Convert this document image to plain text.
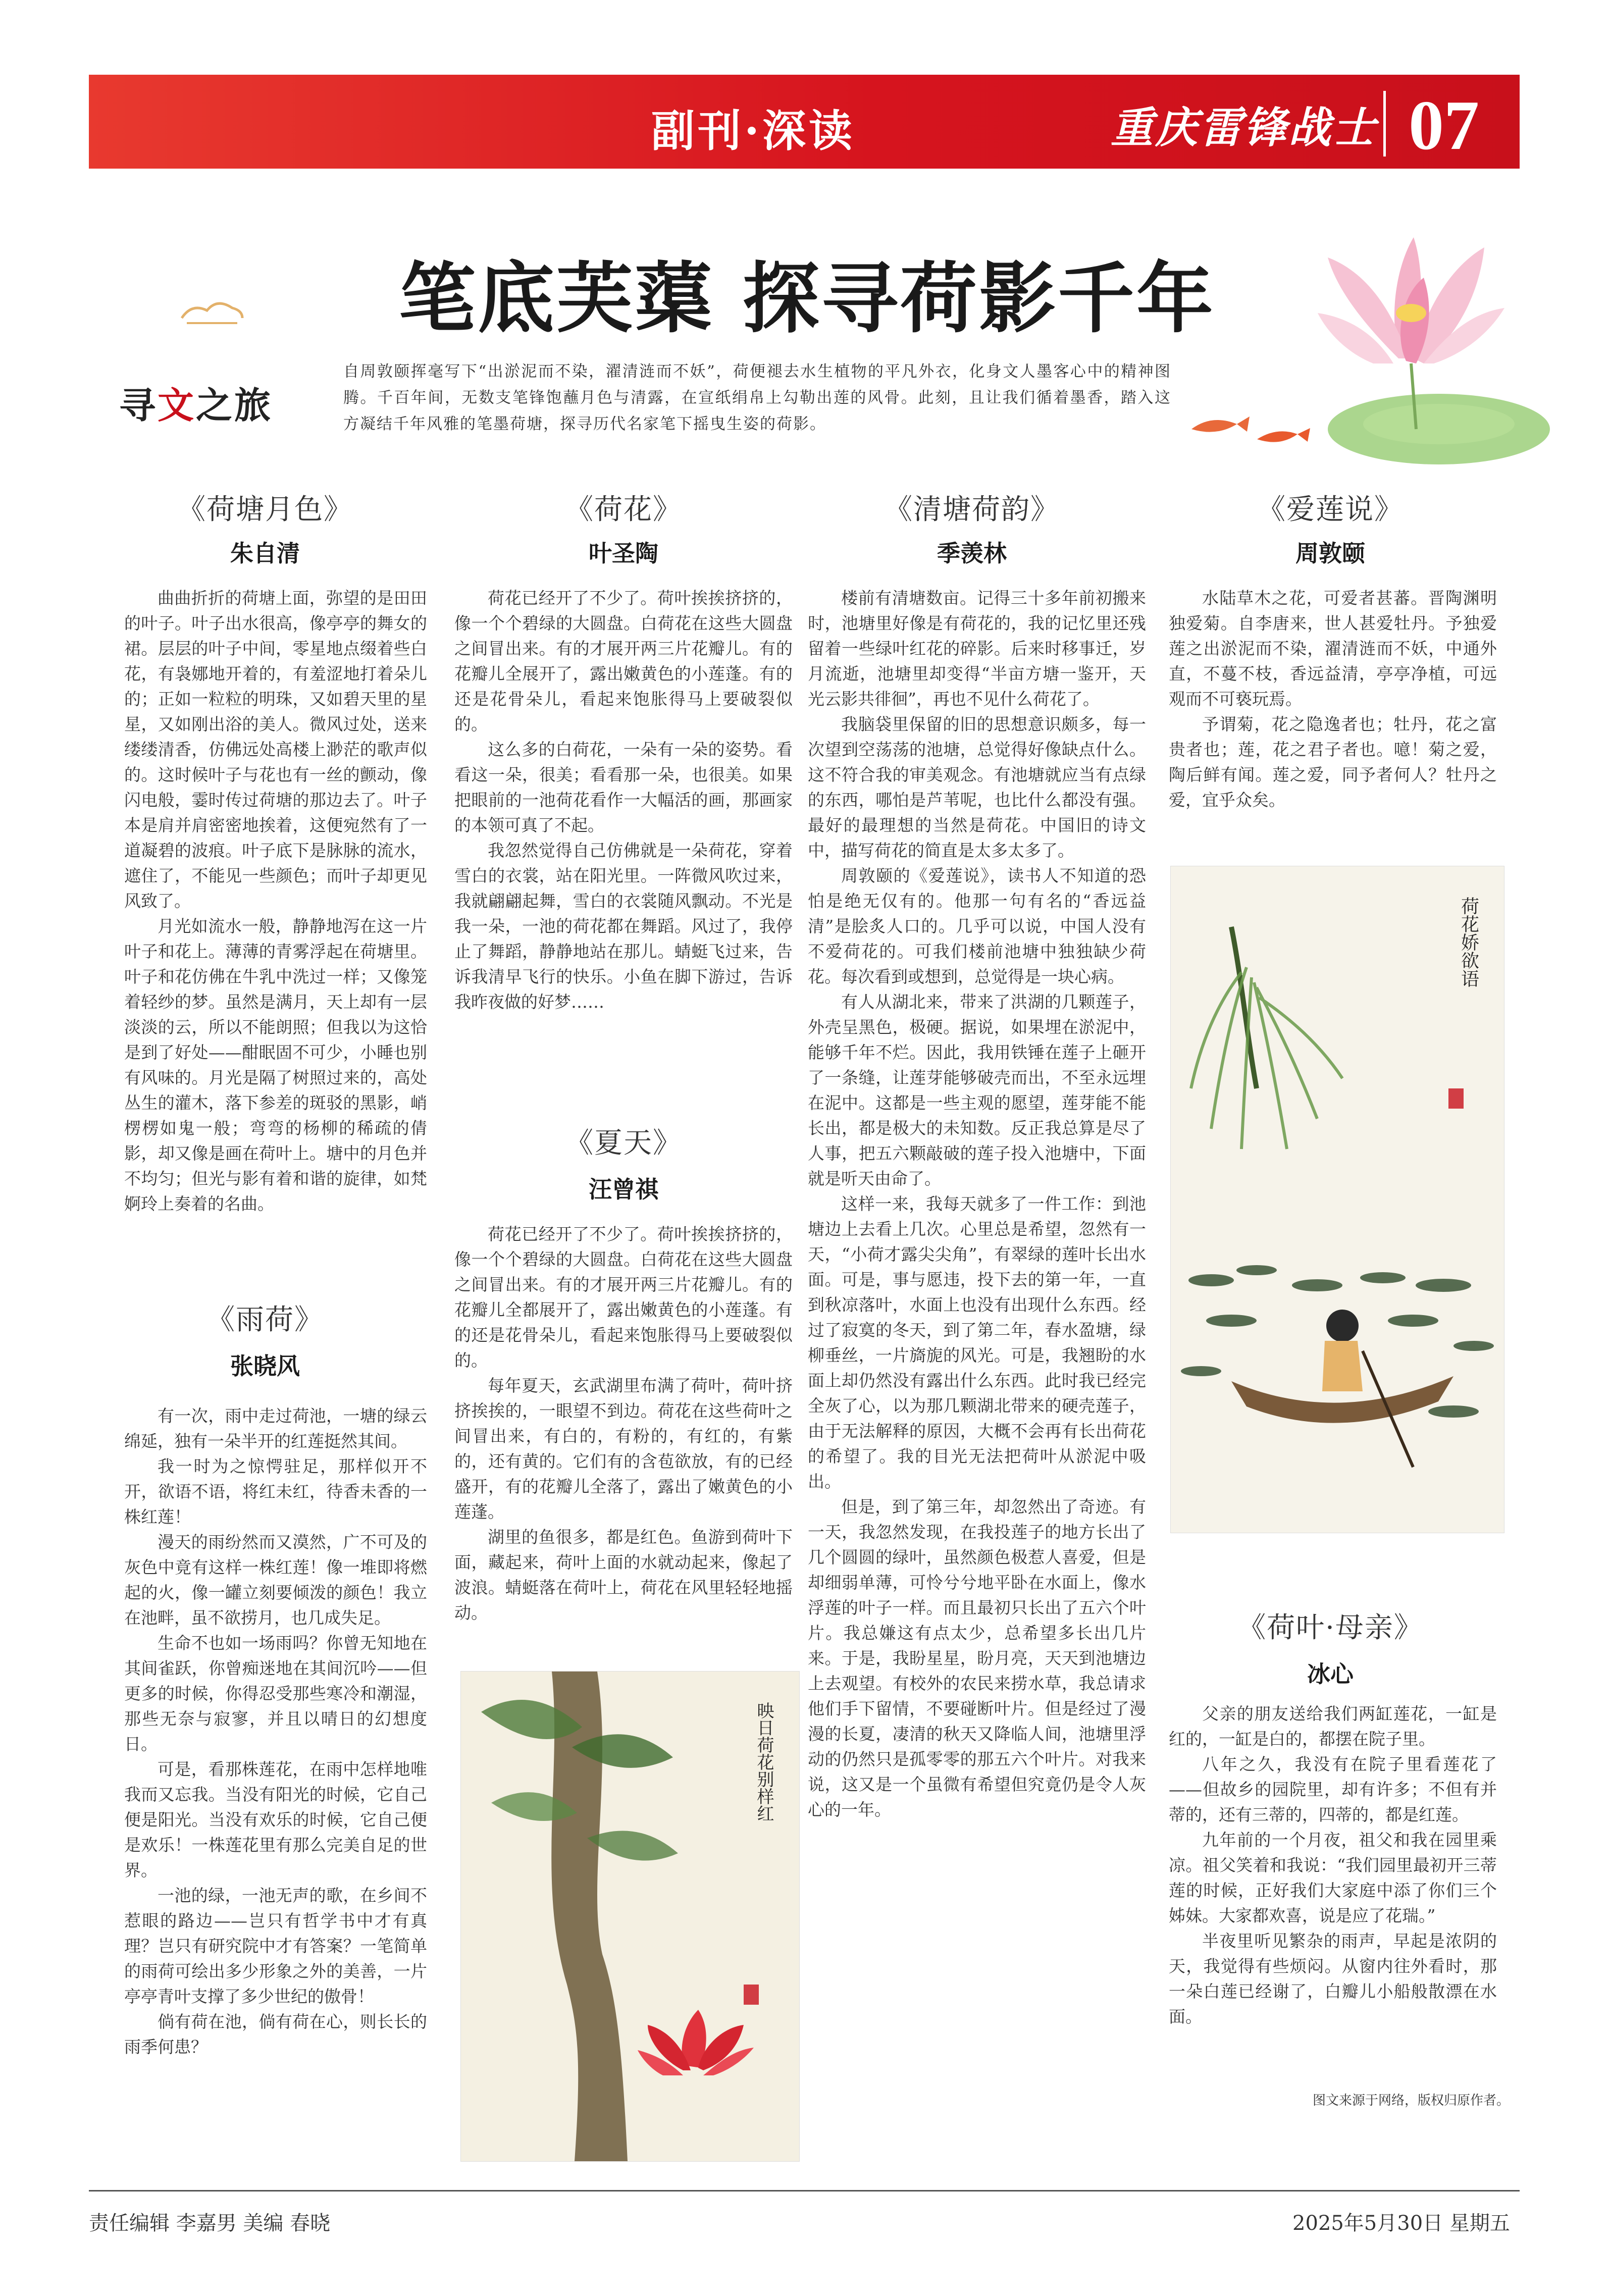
副刊·深读	重庆雷锋战士 07
笔底芙蕖 探寻荷影千年
寻文之旅
自周敦颐挥毫写下“出淤泥而不染，濯清涟而不妖”，荷便褪去水生植物的平凡外衣，化身文人墨客心中的精神图腾。千百年间，无数支笔锋饱蘸月色与清露，在宣纸绢帛上勾勒出莲的风骨。此刻，且让我们循着墨香，踏入这方凝结千年风雅的笔墨荷塘，探寻历代名家笔下摇曳生姿的荷影。
《荷塘月色》
朱自清

曲曲折折的荷塘上面，弥望的是田田的叶子。叶子出水很高，像亭亭的舞女的裙。层层的叶子中间，零星地点缀着些白花，有袅娜地开着的，有羞涩地打着朵儿的；正如一粒粒的明珠，又如碧天里的星星，又如刚出浴的美人。微风过处，送来缕缕清香，仿佛远处高楼上渺茫的歌声似的。这时候叶子与花也有一丝的颤动，像闪电般，霎时传过荷塘的那边去了。叶子本是肩并肩密密地挨着，这便宛然有了一道凝碧的波痕。叶子底下是脉脉的流水，遮住了，不能见一些颜色；而叶子却更见风致了。

月光如流水一般，静静地泻在这一片叶子和花上。薄薄的青雾浮起在荷塘里。叶子和花仿佛在牛乳中洗过一样；又像笼着轻纱的梦。虽然是满月，天上却有一层淡淡的云，所以不能朗照；但我以为这恰是到了好处——酣眠固不可少，小睡也别有风味的。月光是隔了树照过来的，高处丛生的灌木，落下参差的斑驳的黑影，峭楞楞如鬼一般；弯弯的杨柳的稀疏的倩影，却又像是画在荷叶上。塘中的月色并不均匀；但光与影有着和谐的旋律，如梵婀玲上奏着的名曲。

《雨荷》
张晓风

有一次，雨中走过荷池，一塘的绿云绵延，独有一朵半开的红莲挺然其间。

我一时为之惊愕驻足，那样似开不开，欲语不语，将红未红，待香未香的一株红莲！

漫天的雨纷然而又漠然，广不可及的灰色中竟有这样一株红莲！像一堆即将燃起的火，像一罐立刻要倾泼的颜色！我立在池畔，虽不欲捞月，也几成失足。

生命不也如一场雨吗？你曾无知地在其间雀跃，你曾痴迷地在其间沉吟——但更多的时候，你得忍受那些寒冷和潮湿，那些无奈与寂寥，并且以晴日的幻想度日。

可是，看那株莲花，在雨中怎样地唯我而又忘我。当没有阳光的时候，它自己便是阳光。当没有欢乐的时候，它自己便是欢乐！一株莲花里有那么完美自足的世界。

一池的绿，一池无声的歌，在乡间不惹眼的路边——岂只有哲学书中才有真理？岂只有研究院中才有答案？一笔简单的雨荷可绘出多少形象之外的美善，一片亭亭青叶支撑了多少世纪的傲骨！

倘有荷在池，倘有荷在心，则长长的雨季何患？

《荷花》
叶圣陶

荷花已经开了不少了。荷叶挨挨挤挤的，像一个个碧绿的大圆盘。白荷花在这些大圆盘之间冒出来。有的才展开两三片花瓣儿。有的花瓣儿全展开了，露出嫩黄色的小莲蓬。有的还是花骨朵儿，看起来饱胀得马上要破裂似的。

这么多的白荷花，一朵有一朵的姿势。看看这一朵，很美；看看那一朵，也很美。如果把眼前的一池荷花看作一大幅活的画，那画家的本领可真了不起。

我忽然觉得自己仿佛就是一朵荷花，穿着雪白的衣裳，站在阳光里。一阵微风吹过来，我就翩翩起舞，雪白的衣裳随风飘动。不光是我一朵，一池的荷花都在舞蹈。风过了，我停止了舞蹈，静静地站在那儿。蜻蜓飞过来，告诉我清早飞行的快乐。小鱼在脚下游过，告诉我昨夜做的好梦……

《夏天》
汪曾祺

荷花已经开了不少了。荷叶挨挨挤挤的，像一个个碧绿的大圆盘。白荷花在这些大圆盘之间冒出来。有的才展开两三片花瓣儿。有的花瓣儿全都展开了，露出嫩黄色的小莲蓬。有的还是花骨朵儿，看起来饱胀得马上要破裂似的。

每年夏天，玄武湖里布满了荷叶，荷叶挤挤挨挨的，一眼望不到边。荷花在这些荷叶之间冒出来，有白的，有粉的，有红的，有紫的，还有黄的。它们有的含苞欲放，有的已经盛开，有的花瓣儿全落了，露出了嫩黄色的小莲蓬。

湖里的鱼很多，都是红色。鱼游到荷叶下面，藏起来，荷叶上面的水就动起来，像起了波浪。蜻蜓落在荷叶上，荷花在风里轻轻地摇动。

映日荷花别样红
《清塘荷韵》
季羡林

楼前有清塘数亩。记得三十多年前初搬来时，池塘里好像是有荷花的，我的记忆里还残留着一些绿叶红花的碎影。后来时移事迁，岁月流逝，池塘里却变得“半亩方塘一鉴开，天光云影共徘徊”，再也不见什么荷花了。

我脑袋里保留的旧的思想意识颇多，每一次望到空荡荡的池塘，总觉得好像缺点什么。这不符合我的审美观念。有池塘就应当有点绿的东西，哪怕是芦苇呢，也比什么都没有强。最好的最理想的当然是荷花。中国旧的诗文中，描写荷花的简直是太多太多了。

周敦颐的《爱莲说》，读书人不知道的恐怕是绝无仅有的。他那一句有名的“香远益清”是脍炙人口的。几乎可以说，中国人没有不爱荷花的。可我们楼前池塘中独独缺少荷花。每次看到或想到，总觉得是一块心病。

有人从湖北来，带来了洪湖的几颗莲子，外壳呈黑色，极硬。据说，如果埋在淤泥中，能够千年不烂。因此，我用铁锤在莲子上砸开了一条缝，让莲芽能够破壳而出，不至永远埋在泥中。这都是一些主观的愿望，莲芽能不能长出，都是极大的未知数。反正我总算是尽了人事，把五六颗敲破的莲子投入池塘中，下面就是听天由命了。

这样一来，我每天就多了一件工作：到池塘边上去看上几次。心里总是希望，忽然有一天，“小荷才露尖尖角”，有翠绿的莲叶长出水面。可是，事与愿违，投下去的第一年，一直到秋凉落叶，水面上也没有出现什么东西。经过了寂寞的冬天，到了第二年，春水盈塘，绿柳垂丝，一片旖旎的风光。可是，我翘盼的水面上却仍然没有露出什么东西。此时我已经完全灰了心，以为那几颗湖北带来的硬壳莲子，由于无法解释的原因，大概不会再有长出荷花的希望了。我的目光无法把荷叶从淤泥中吸出。

但是，到了第三年，却忽然出了奇迹。有一天，我忽然发现，在我投莲子的地方长出了几个圆圆的绿叶，虽然颜色极惹人喜爱，但是却细弱单薄，可怜兮兮地平卧在水面上，像水浮莲的叶子一样。而且最初只长出了五六个叶片。我总嫌这有点太少，总希望多长出几片来。于是，我盼星星，盼月亮，天天到池塘边上去观望。有校外的农民来捞水草，我总请求他们手下留情，不要碰断叶片。但是经过了漫漫的长夏，凄清的秋天又降临人间，池塘里浮动的仍然只是孤零零的那五六个叶片。对我来说，这又是一个虽微有希望但究竟仍是令人灰心的一年。

《爱莲说》
周敦颐

水陆草木之花，可爱者甚蕃。晋陶渊明独爱菊。自李唐来，世人甚爱牡丹。予独爱莲之出淤泥而不染，濯清涟而不妖，中通外直，不蔓不枝，香远益清，亭亭净植，可远观而不可亵玩焉。

予谓菊，花之隐逸者也；牡丹，花之富贵者也；莲，花之君子者也。噫！菊之爱，陶后鲜有闻。莲之爱，同予者何人？牡丹之爱，宜乎众矣。

荷花娇欲语
《荷叶·母亲》
冰心

父亲的朋友送给我们两缸莲花，一缸是红的，一缸是白的，都摆在院子里。

八年之久，我没有在院子里看莲花了——但故乡的园院里，却有许多；不但有并蒂的，还有三蒂的，四蒂的，都是红莲。

九年前的一个月夜，祖父和我在园里乘凉。祖父笑着和我说：“我们园里最初开三蒂莲的时候，正好我们大家庭中添了你们三个姊妹。大家都欢喜，说是应了花瑞。”

半夜里听见繁杂的雨声，早起是浓阴的天，我觉得有些烦闷。从窗内往外看时，那一朵白莲已经谢了，白瓣儿小船般散漂在水面。

图文来源于网络，版权归原作者。
责任编辑 李嘉男 美编 春晓	2025年5月30日 星期五
